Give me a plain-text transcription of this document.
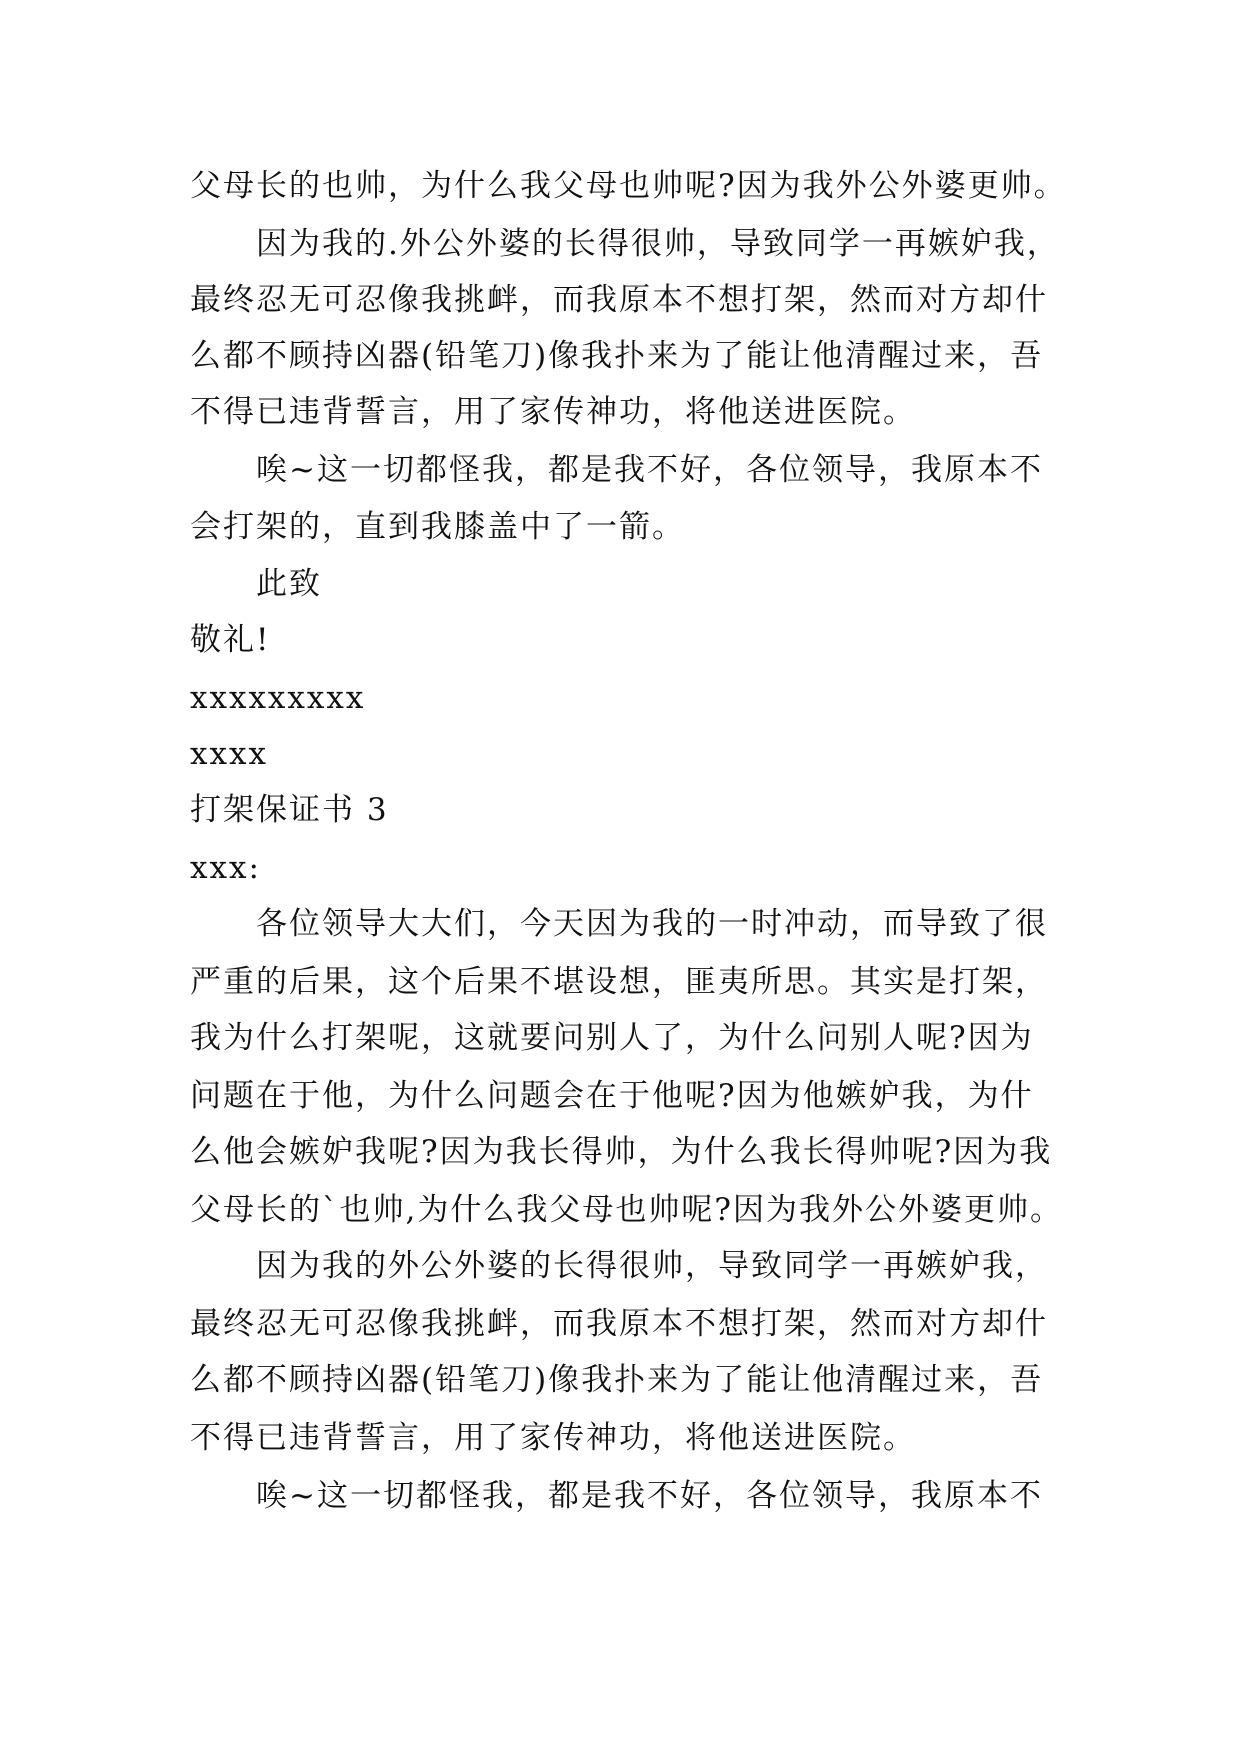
父母长的也帅，为什么我父母也帅呢?因为我外公外婆更帅。
因为我的.外公外婆的长得很帅，导致同学一再嫉妒我，
最终忍无可忍像我挑衅，而我原本不想打架，然而对方却什
么都不顾持凶器(铅笔刀)像我扑来为了能让他清醒过来，吾
不得已违背誓言，用了家传神功，将他送进医院。
唉~这一切都怪我，都是我不好，各位领导，我原本不
会打架的，直到我膝盖中了一箭。
此致
敬礼!
xxxxxxxxx
xxxx
打架保证书 3
xxx:
各位领导大大们，今天因为我的一时冲动，而导致了很
严重的后果，这个后果不堪设想，匪夷所思。其实是打架，
我为什么打架呢，这就要问别人了，为什么问别人呢?因为
问题在于他，为什么问题会在于他呢?因为他嫉妒我，为什
么他会嫉妒我呢?因为我长得帅，为什么我长得帅呢?因为我
父母长的`也帅,为什么我父母也帅呢?因为我外公外婆更帅。
因为我的外公外婆的长得很帅，导致同学一再嫉妒我，
最终忍无可忍像我挑衅，而我原本不想打架，然而对方却什
么都不顾持凶器(铅笔刀)像我扑来为了能让他清醒过来，吾
不得已违背誓言，用了家传神功，将他送进医院。
唉~这一切都怪我，都是我不好，各位领导，我原本不
